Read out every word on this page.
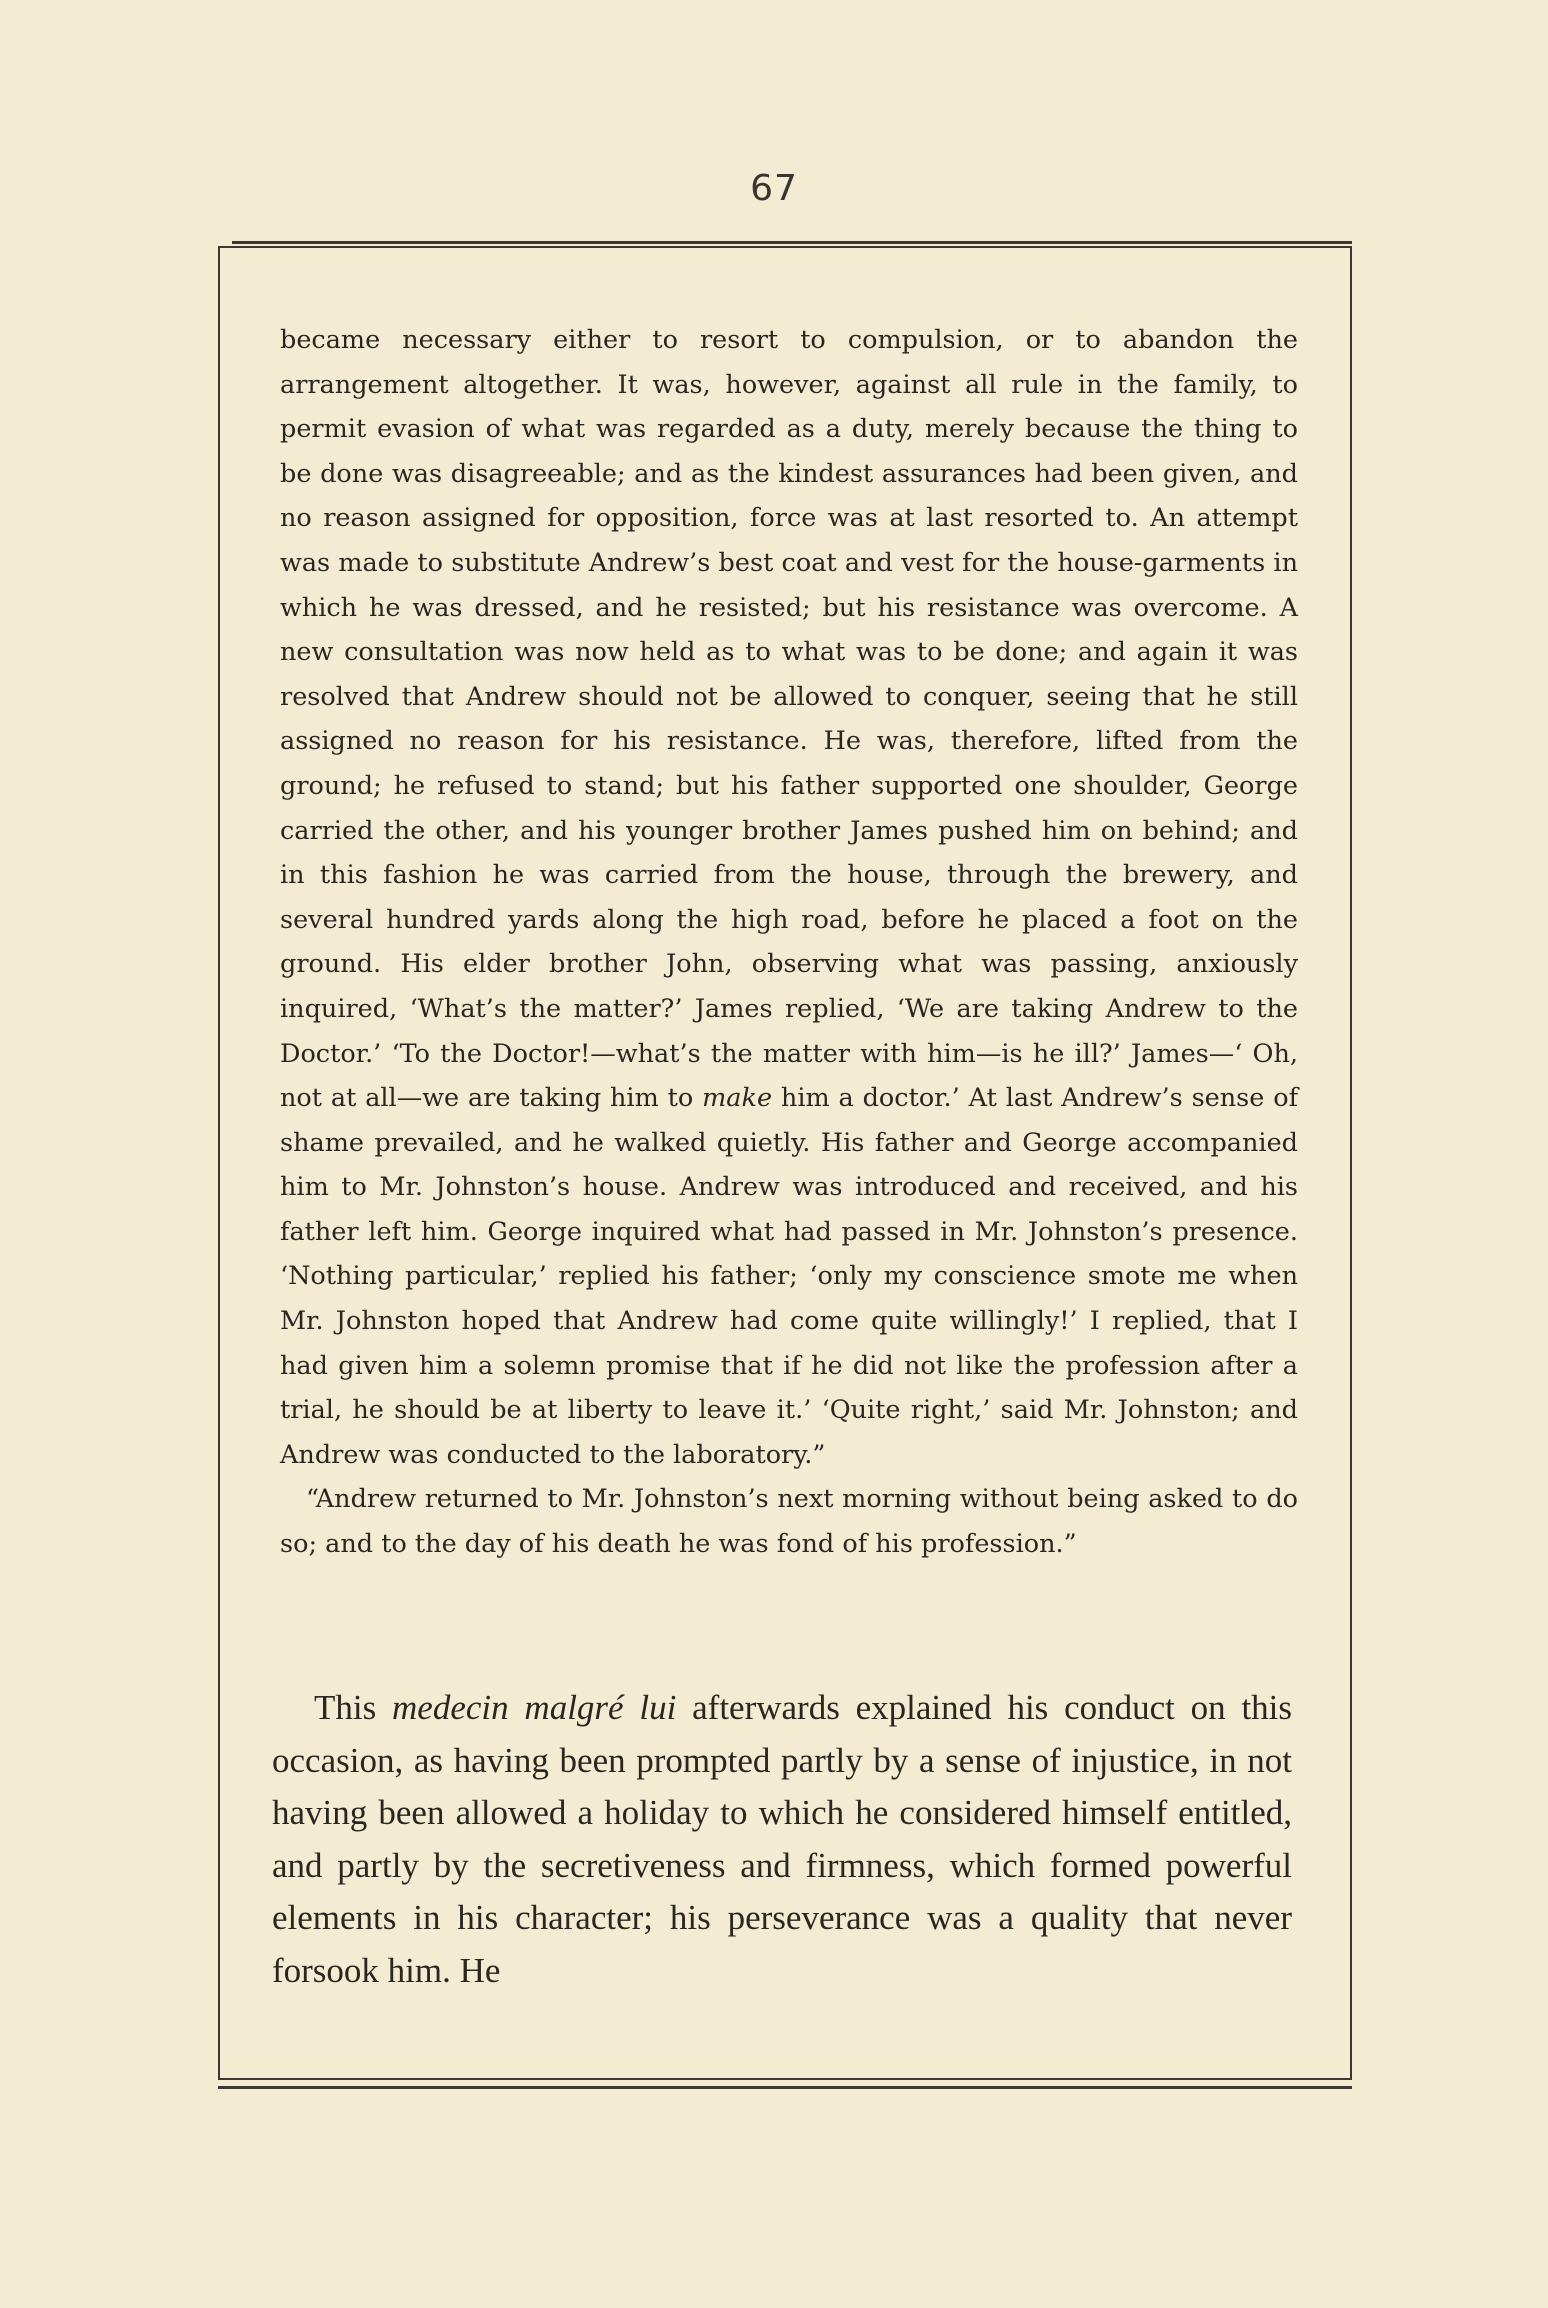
67

became necessary either to resort to compulsion, or to abandon the arrangement altogether. It was, however, against all rule in the family, to permit evasion of what was regarded as a duty, merely because the thing to be done was disagreeable; and as the kindest assurances had been given, and no reason assigned for opposition, force was at last resorted to. An attempt was made to substitute Andrew’s best coat and vest for the house-garments in which he was dressed, and he resisted; but his resistance was overcome. A new consultation was now held as to what was to be done; and again it was resolved that Andrew should not be allowed to conquer, seeing that he still assigned no reason for his resistance. He was, therefore, lifted from the ground; he refused to stand; but his father supported one shoulder, George carried the other, and his younger brother James pushed him on behind; and in this fashion he was carried from the house, through the brewery, and several hundred yards along the high road, before he placed a foot on the ground. His elder brother John, observing what was passing, anxiously inquired, ‘What’s the matter?’ James replied, ‘We are taking Andrew to the Doctor.’ ‘To the Doctor!—what’s the matter with him—is he ill?’ James—‘ Oh, not at all—we are taking him to make him a doctor.’ At last Andrew’s sense of shame prevailed, and he walked quietly. His father and George accompanied him to Mr. Johnston’s house. Andrew was introduced and received, and his father left him. George inquired what had passed in Mr. Johnston’s presence. ‘Nothing particular,’ replied his father; ‘only my conscience smote me when Mr. Johnston hoped that Andrew had come quite willingly!’ I replied, that I had given him a solemn promise that if he did not like the profession after a trial, he should be at liberty to leave it.’ ‘Quite right,’ said Mr. Johnston; and Andrew was conducted to the laboratory.”

“Andrew returned to Mr. Johnston’s next morning without being asked to do so; and to the day of his death he was fond of his profession.”

This medecin malgré lui afterwards explained his conduct on this occasion, as having been prompted partly by a sense of injustice, in not having been allowed a holiday to which he considered himself entitled, and partly by the secretiveness and firmness, which formed powerful elements in his character; his perseverance was a quality that never forsook him. He
